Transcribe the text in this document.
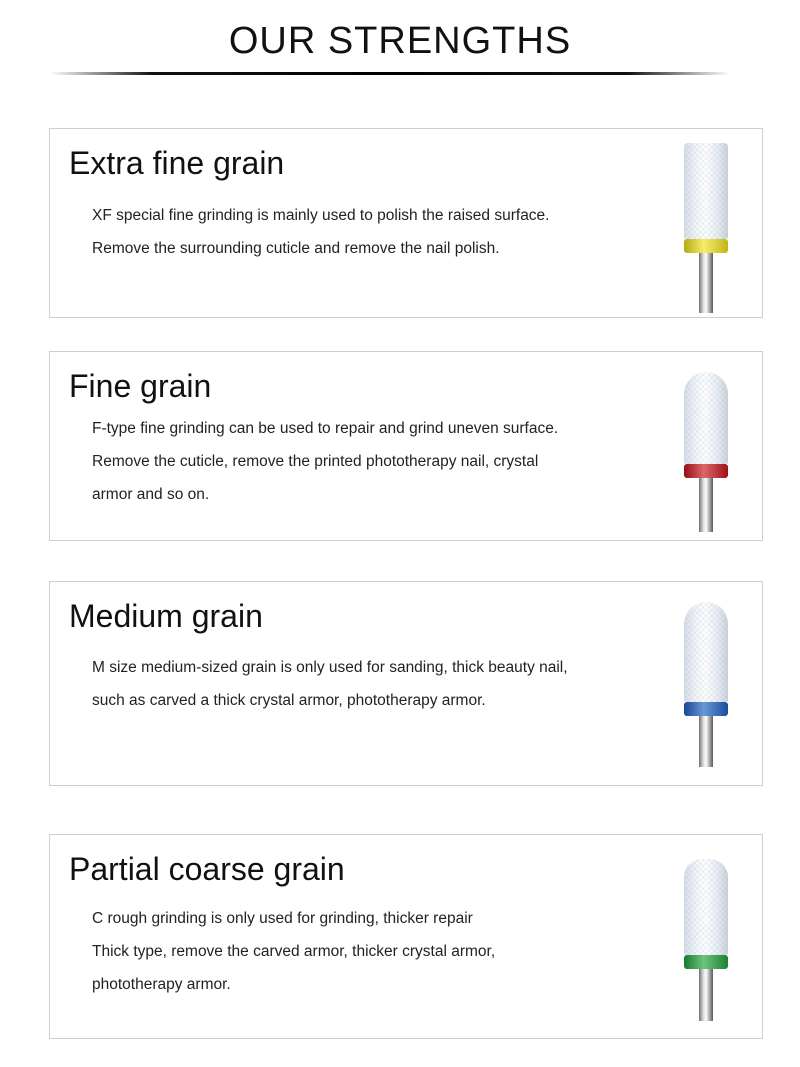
OUR STRENGTHS
Extra fine grain
XF special fine grinding is mainly used to polish the raised surface.
Remove the surrounding cuticle and remove the nail polish.
Fine grain
F-type fine grinding can be used to repair and grind uneven surface.
Remove the cuticle, remove the printed phototherapy nail, crystal
armor and so on.
Medium grain
M size medium-sized grain is only used for sanding, thick beauty nail,
such as carved a thick crystal armor, phototherapy armor.
Partial coarse grain
C rough grinding is only used for grinding, thicker repair
Thick type, remove the carved armor, thicker crystal armor,
phototherapy armor.
